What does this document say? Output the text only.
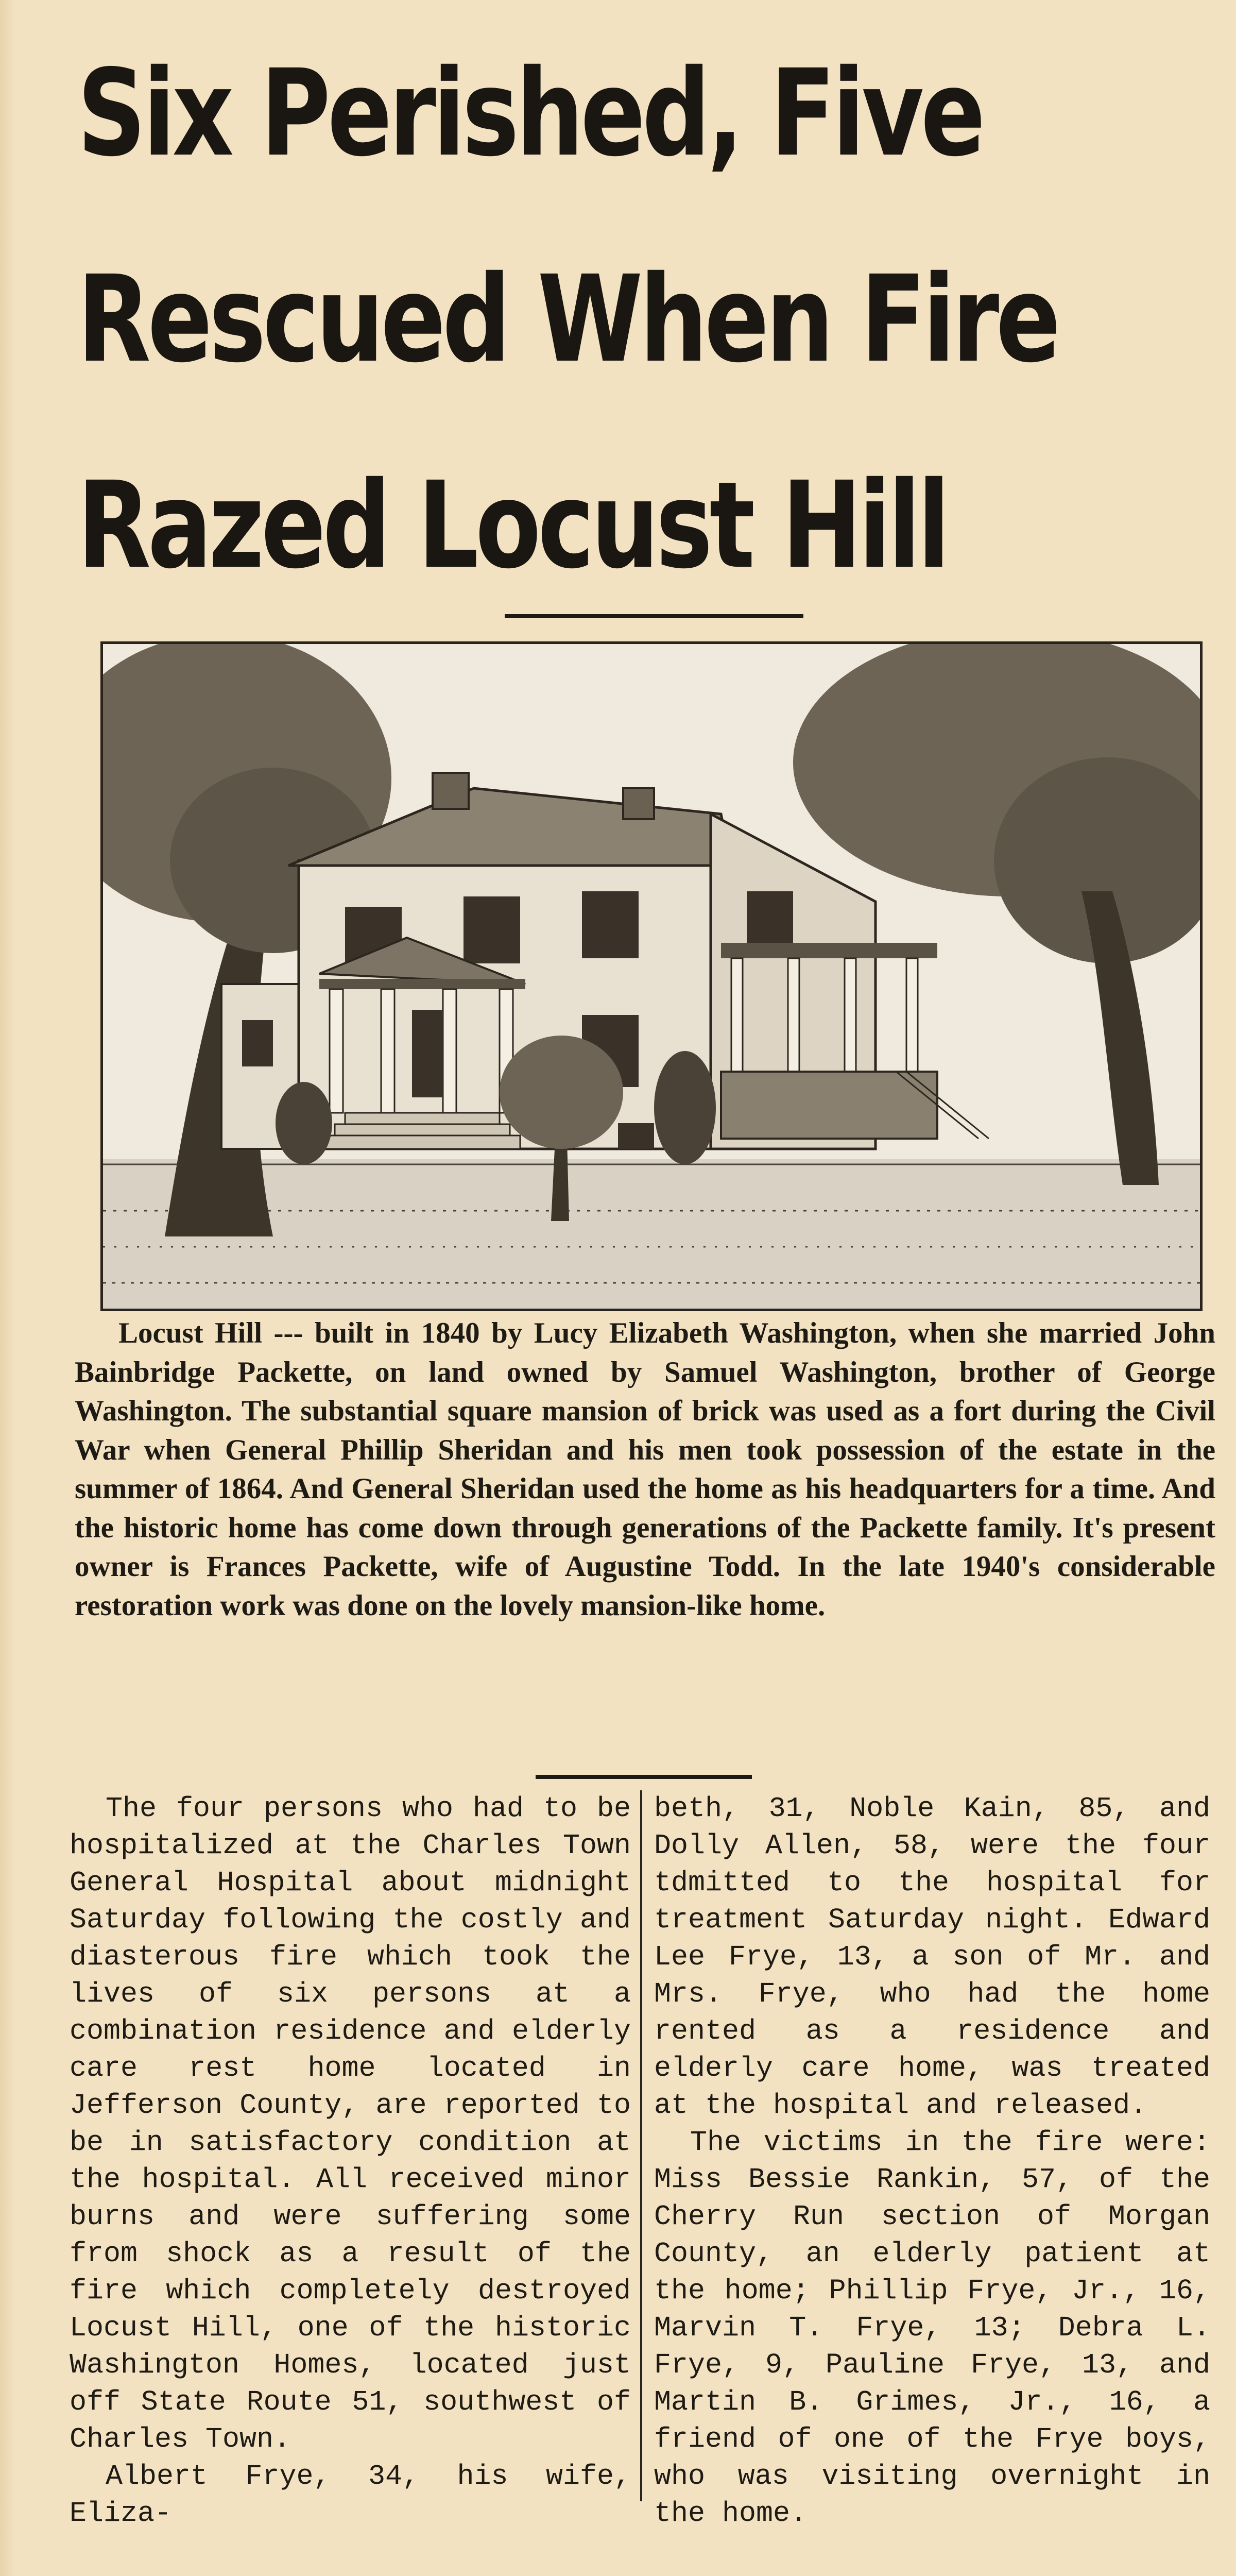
Six Perished, Five
Rescued When Fire
Razed Locust Hill

Locust Hill --- built in 1840 by Lucy Elizabeth Washington, when she married John Bainbridge Packette, on land owned by Samuel Washington, brother of George Washington. The substantial square mansion of brick was used as a fort during the Civil War when General Phillip Sheridan and his men took possession of the estate in the summer of 1864. And General Sheridan used the home as his headquarters for a time. And the historic home has come down through generations of the Packette family. It's present owner is Frances Packette, wife of Augustine Todd. In the late 1940's considerable restoration work was done on the lovely mansion-like home.

The four persons who had to be hospitalized at the Charles Town General Hospital about midnight Saturday following the costly and diasterous fire which took the lives of six persons at a combination residence and elderly care rest home located in Jefferson County, are reported to be in satisfactory condition at the hospital. All received minor burns and were suffering some from shock as a result of the fire which completely destroyed Locust Hill, one of the historic Washington Homes, located just off State Route 51, southwest of Charles Town.

Albert Frye, 34, his wife, Eliza-

beth, 31, Noble Kain, 85, and Dolly Allen, 58, were the four tdmitted to the hospital for treatment Saturday night. Edward Lee Frye, 13, a son of Mr. and Mrs. Frye, who had the home rented as a residence and elderly care home, was treated at the hospital and released.

The victims in the fire were: Miss Bessie Rankin, 57, of the Cherry Run section of Morgan County, an elderly patient at the home; Phillip Frye, Jr., 16, Marvin T. Frye, 13; Debra L. Frye, 9, Pauline Frye, 13, and Martin B. Grimes, Jr., 16, a friend of one of the Frye boys, who was visiting overnight in the home.
